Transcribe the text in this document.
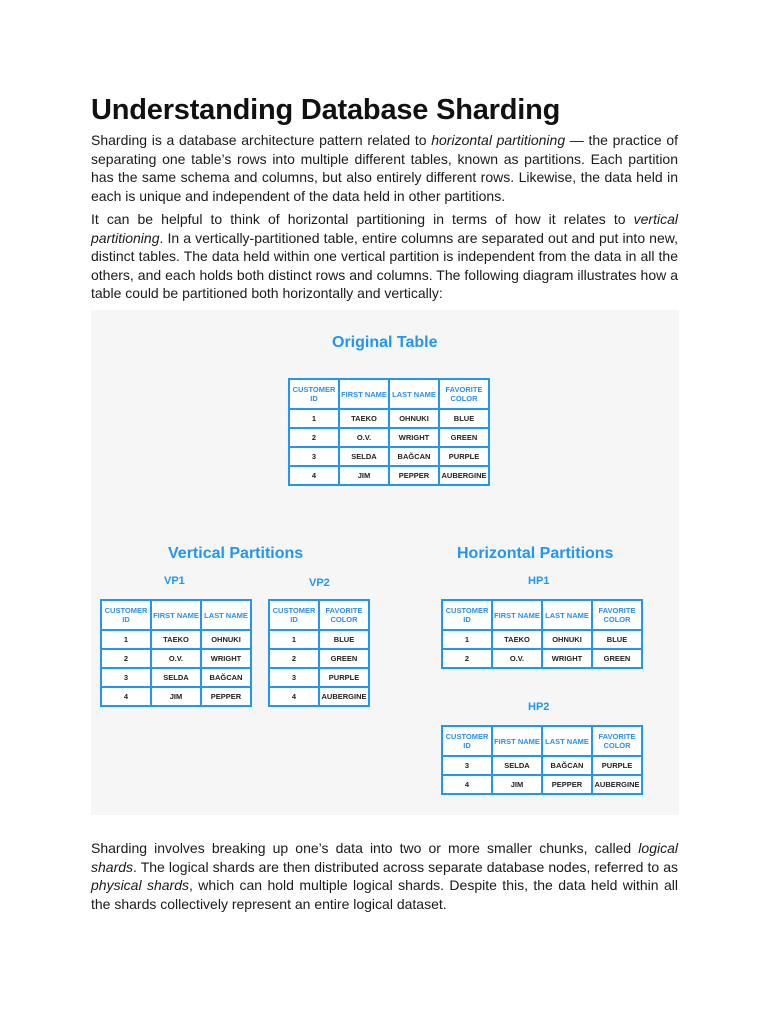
Understanding Database Sharding

Sharding is a database architecture pattern related to horizontal partitioning — the practice of separating one table’s rows into multiple different tables, known as partitions. Each partition has the same schema and columns, but also entirely different rows. Likewise, the data held in each is unique and independent of the data held in other partitions.

It can be helpful to think of horizontal partitioning in terms of how it relates to vertical partitioning. In a vertically-partitioned table, entire columns are separated out and put into new, distinct tables. The data held within one vertical partition is independent from the data in all the others, and each holds both distinct rows and columns. The following diagram illustrates how a table could be partitioned both horizontally and vertically:

Original Table
CUSTOMER ID	FIRST NAME	LAST NAME	FAVORITE COLOR
1	TAEKO	OHNUKI	BLUE
2	O.V.	WRIGHT	GREEN
3	SELDA	BAĞCAN	PURPLE
4	JIM	PEPPER	AUBERGINE
Vertical Partitions	Horizontal Partitions
VP1
CUSTOMER ID	FIRST NAME	LAST NAME
1	TAEKO	OHNUKI
2	O.V.	WRIGHT
3	SELDA	BAĞCAN
4	JIM	PEPPER
VP2
CUSTOMER ID	FAVORITE COLOR
1	BLUE
2	GREEN
3	PURPLE
4	AUBERGINE
HP1
CUSTOMER ID	FIRST NAME	LAST NAME	FAVORITE COLOR
1	TAEKO	OHNUKI	BLUE
2	O.V.	WRIGHT	GREEN
HP2
CUSTOMER ID	FIRST NAME	LAST NAME	FAVORITE COLOR
3	SELDA	BAĞCAN	PURPLE
4	JIM	PEPPER	AUBERGINE

Sharding involves breaking up one’s data into two or more smaller chunks, called logical shards. The logical shards are then distributed across separate database nodes, referred to as physical shards, which can hold multiple logical shards. Despite this, the data held within all the shards collectively represent an entire logical dataset.
